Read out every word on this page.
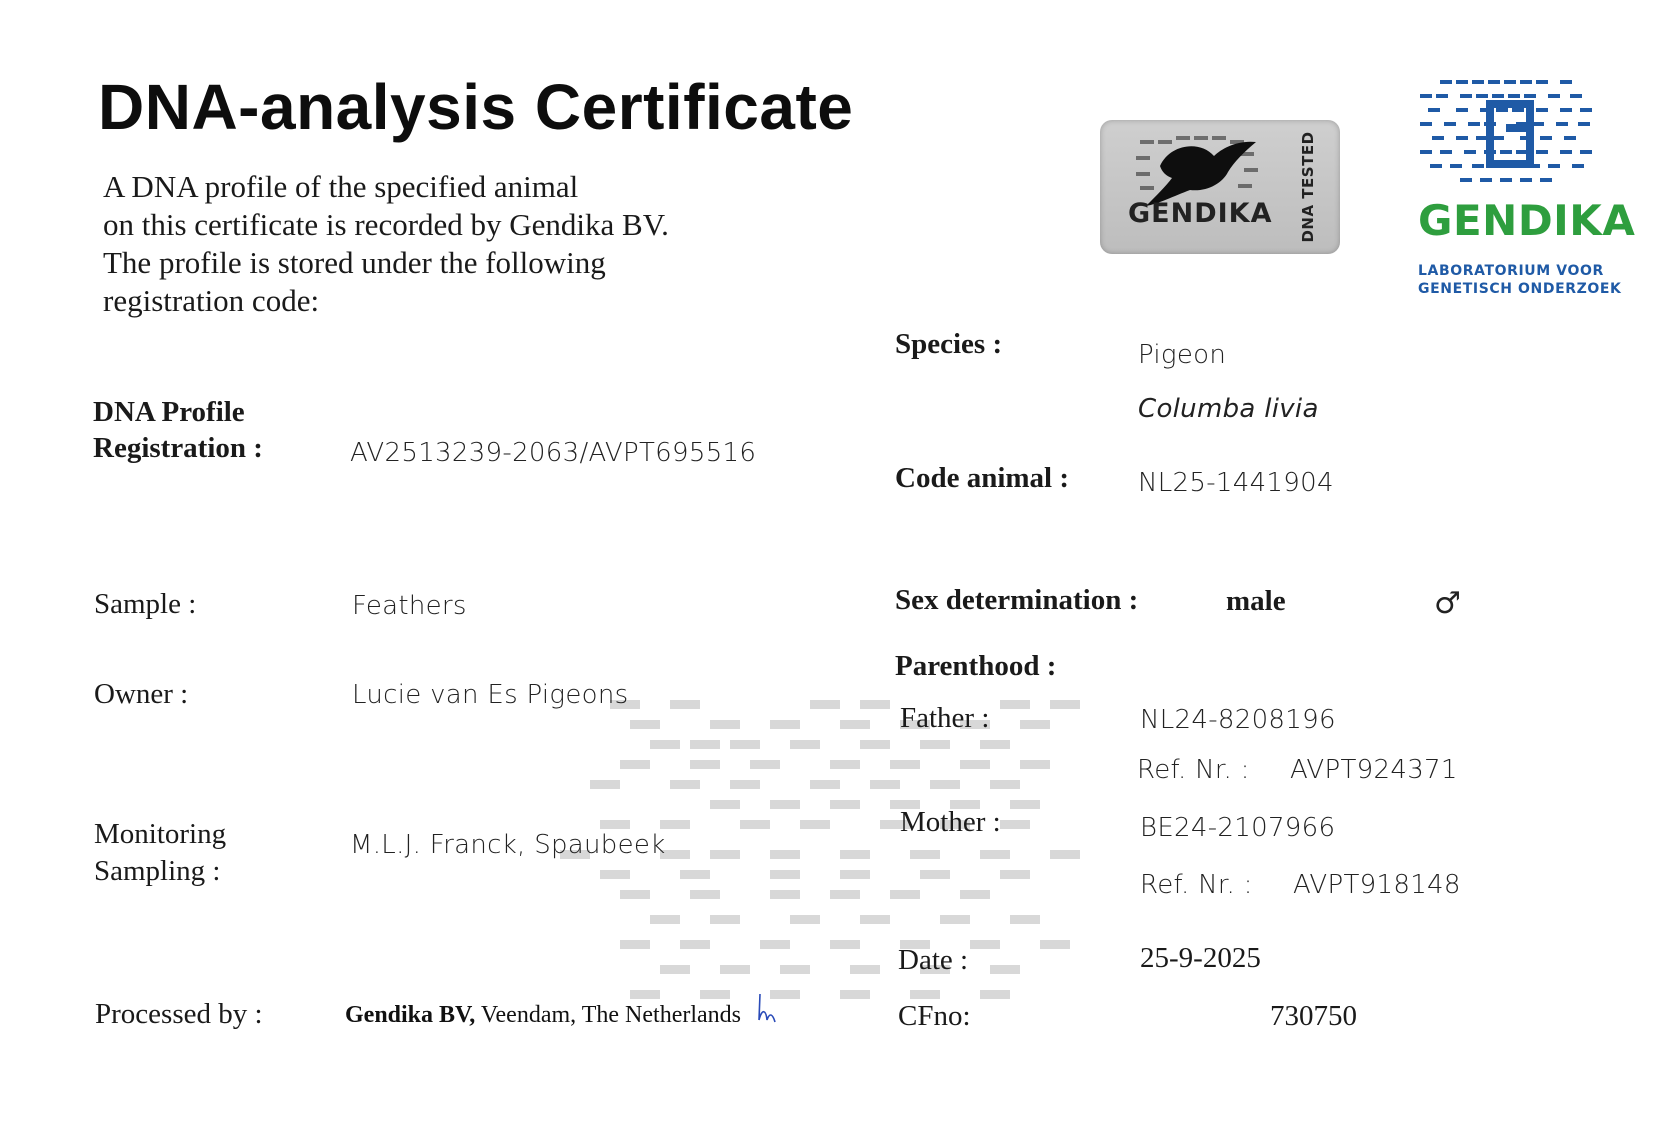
DNA-analysis Certificate
A DNA profile of the specified animal
on this certificate is recorded by Gendika BV.
The profile is stored under the following
registration code:
GENDIKA DNA TESTED GENDIKA
LABORATORIUM VOOR
GENETISCH ONDERZOEK
DNA Profile
Registration :	AV2513239-2063/AVPT695516
Sample :	Feathers
Owner :	Lucie van Es Pigeons
Monitoring
Sampling :
M.L.J. Franck, Spaubeek
Processed by :	Gendika BV, Veendam, The Netherlands
Species :	Pigeon
Columba livia
Code animal :	NL25-1441904
Sex determination :	male	♂
Parenthood :
Father :	NL24-8208196
Ref. Nr. : AVPT924371
Mother :	BE24-2107966
Ref. Nr. : AVPT918148
Date :	25-9-2025
CFno:	730750
